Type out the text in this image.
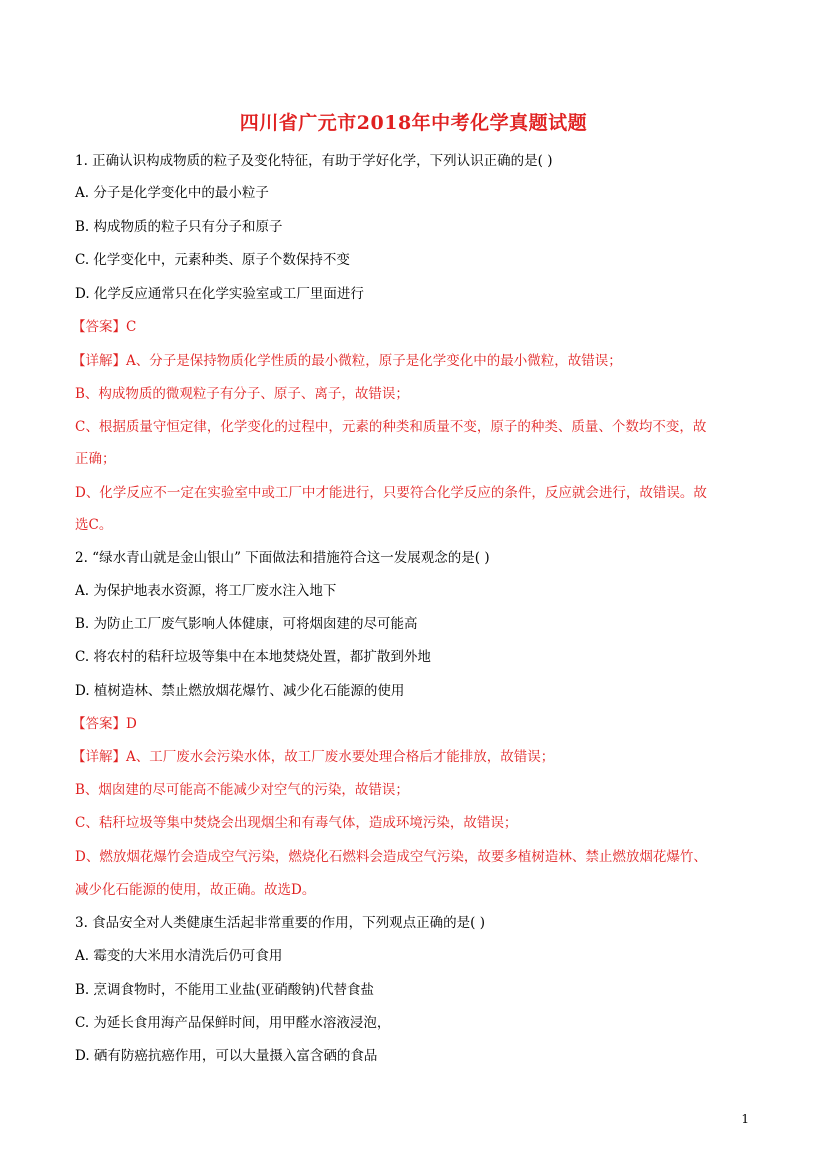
四川省广元市2018年中考化学真题试题
1. 正确认识构成物质的粒子及变化特征，有助于学好化学，下列认识正确的是( )
A. 分子是化学变化中的最小粒子
B. 构成物质的粒子只有分子和原子
C. 化学变化中，元素种类、原子个数保持不变
D. 化学反应通常只在化学实验室或工厂里面进行
【答案】C
【详解】A、分子是保持物质化学性质的最小微粒，原子是化学变化中的最小微粒，故错误；
B、构成物质的微观粒子有分子、原子、离子，故错误；
C、根据质量守恒定律，化学变化的过程中，元素的种类和质量不变，原子的种类、质量、个数均不变，故
正确；
D、化学反应不一定在实验室中或工厂中才能进行，只要符合化学反应的条件，反应就会进行，故错误。故
选C。
2. “绿水青山就是金山银山” 下面做法和措施符合这一发展观念的是( )
A. 为保护地表水资源，将工厂废水注入地下
B. 为防止工厂废气影响人体健康，可将烟囱建的尽可能高
C. 将农村的秸秆垃圾等集中在本地焚烧处置，都扩散到外地
D. 植树造林、禁止燃放烟花爆竹、减少化石能源的使用
【答案】D
【详解】A、工厂废水会污染水体，故工厂废水要处理合格后才能排放，故错误；
B、烟囱建的尽可能高不能减少对空气的污染，故错误；
C、秸秆垃圾等集中焚烧会出现烟尘和有毒气体，造成环境污染，故错误；
D、燃放烟花爆竹会造成空气污染，燃烧化石燃料会造成空气污染，故要多植树造林、禁止燃放烟花爆竹、
减少化石能源的使用，故正确。故选D。
3. 食品安全对人类健康生活起非常重要的作用，下列观点正确的是( )
A. 霉变的大米用水清洗后仍可食用
B. 烹调食物时，不能用工业盐(亚硝酸钠)代替食盐
C. 为延长食用海产品保鲜时间，用甲醛水溶液浸泡，
D. 硒有防癌抗癌作用，可以大量摄入富含硒的食品
1
